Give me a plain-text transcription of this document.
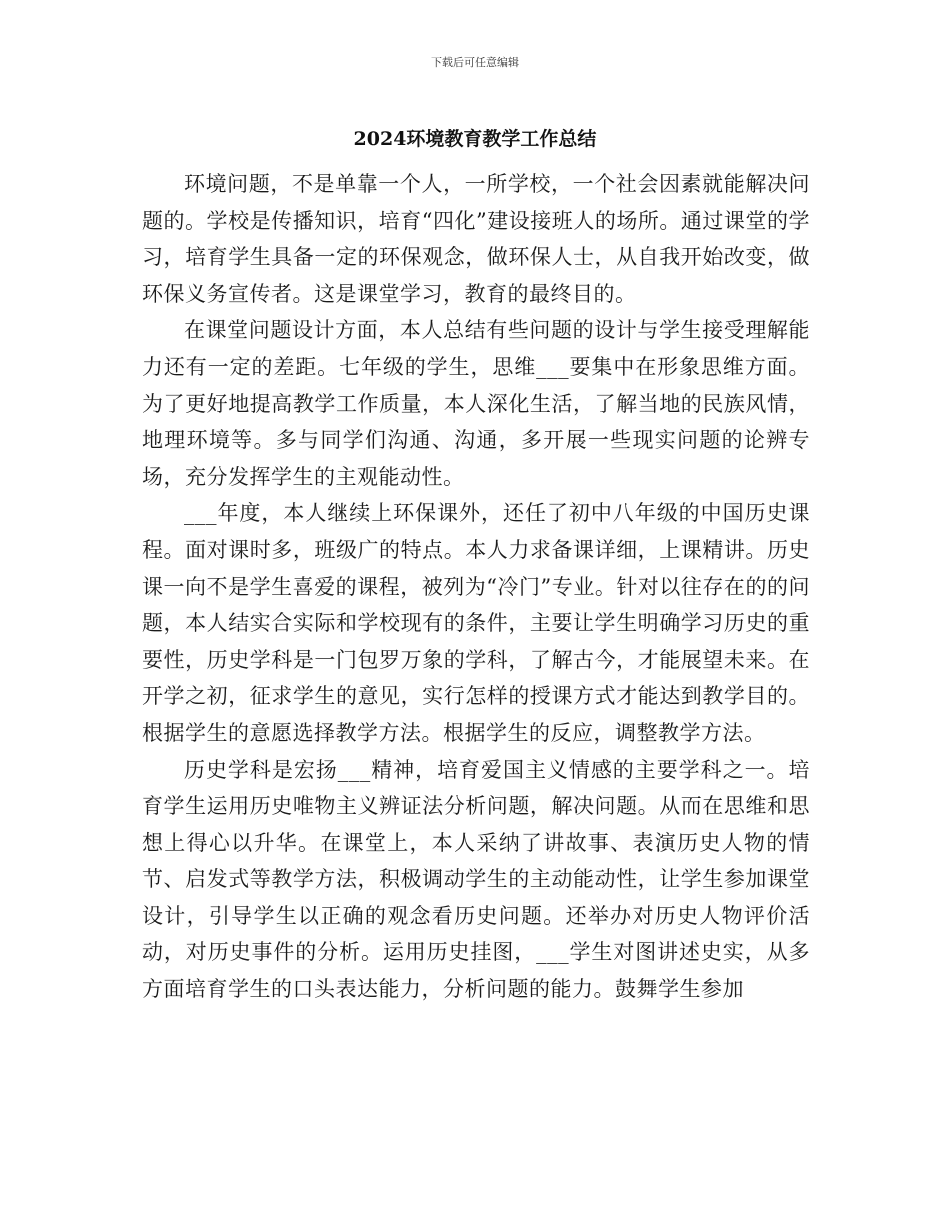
下载后可任意编辑
2024环境教育教学工作总结

环境问题，不是单靠一个人，一所学校，一个社会因素就能解决问题的。学校是传播知识，培育“四化”建设接班人的场所。通过课堂的学习，培育学生具备一定的环保观念，做环保人士，从自我开始改变，做环保义务宣传者。这是课堂学习，教育的最终目的。

在课堂问题设计方面，本人总结有些问题的设计与学生接受理解能力还有一定的差距。七年级的学生，思维___要集中在形象思维方面。为了更好地提高教学工作质量，本人深化生活，了解当地的民族风情，地理环境等。多与同学们沟通、沟通，多开展一些现实问题的论辨专场，充分发挥学生的主观能动性。

___年度，本人继续上环保课外，还任了初中八年级的中国历史课程。面对课时多，班级广的特点。本人力求备课详细，上课精讲。历史课一向不是学生喜爱的课程，被列为“冷门”专业。针对以往存在的的问题，本人结实合实际和学校现有的条件，主要让学生明确学习历史的重要性，历史学科是一门包罗万象的学科，了解古今，才能展望未来。在开学之初，征求学生的意见，实行怎样的授课方式才能达到教学目的。根据学生的意愿选择教学方法。根据学生的反应，调整教学方法。

历史学科是宏扬___精神，培育爱国主义情感的主要学科之一。培育学生运用历史唯物主义辨证法分析问题，解决问题。从而在思维和思想上得心以升华。在课堂上，本人采纳了讲故事、表演历史人物的情节、启发式等教学方法，积极调动学生的主动能动性，让学生参加课堂设计，引导学生以正确的观念看历史问题。还举办对历史人物评价活动，对历史事件的分析。运用历史挂图，___学生对图讲述史实，从多方面培育学生的口头表达能力，分析问题的能力。鼓舞学生参加
